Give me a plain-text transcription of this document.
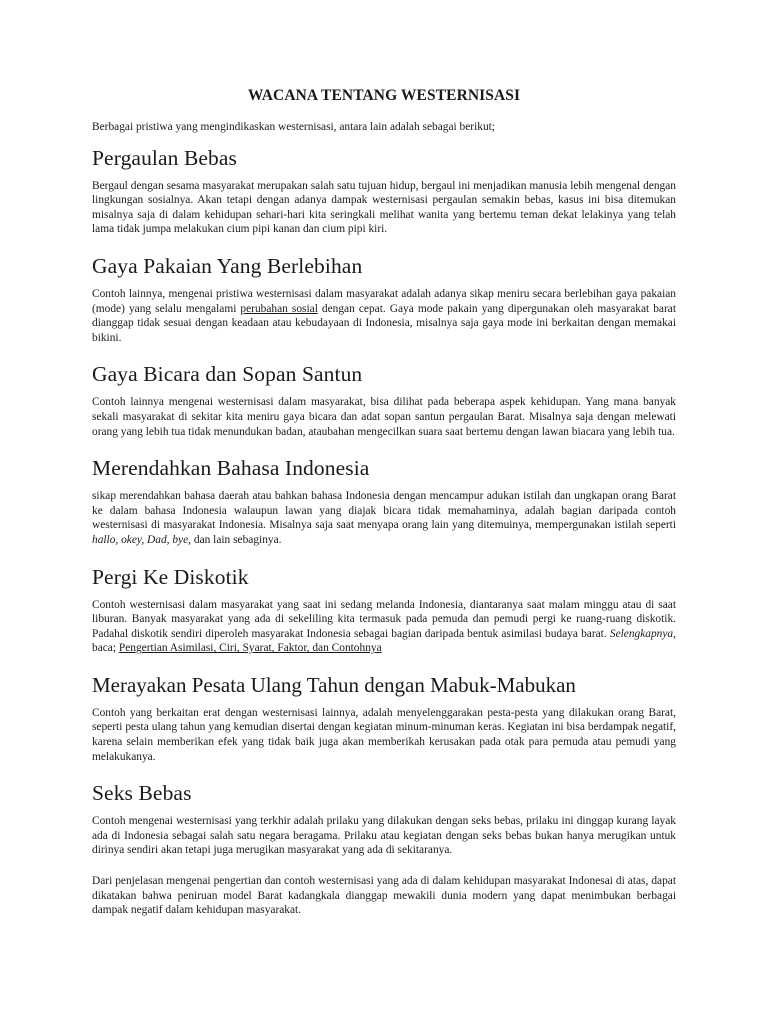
WACANA TENTANG WESTERNISASI

Berbagai pristiwa yang mengindikaskan westernisasi, antara lain adalah sebagai berikut;

Pergaulan Bebas

Bergaul dengan sesama masyarakat merupakan salah satu tujuan hidup, bergaul ini menjadikan manusia lebih mengenal dengan lingkungan sosialnya. Akan tetapi dengan adanya dampak westernisasi pergaulan semakin bebas, kasus ini bisa ditemukan misalnya saja di dalam kehidupan sehari-hari kita seringkali melihat wanita yang bertemu teman dekat lelakinya yang telah lama tidak jumpa melakukan cium pipi kanan dan cium pipi kiri.

Gaya Pakaian Yang Berlebihan

Contoh lainnya, mengenai pristiwa westernisasi dalam masyarakat adalah adanya sikap meniru secara berlebihan gaya pakaian (mode) yang selalu mengalami perubahan sosial dengan cepat. Gaya mode pakain yang dipergunakan oleh masyarakat barat dianggap tidak sesuai dengan keadaan atau kebudayaan di Indonesia, misalnya saja gaya mode ini berkaitan dengan memakai bikini.

Gaya Bicara dan Sopan Santun

Contoh lainnya mengenai westernisasi dalam masyarakat, bisa dilihat pada beberapa aspek kehidupan. Yang mana banyak sekali masyarakat di sekitar kita meniru gaya bicara dan adat sopan santun pergaulan Barat. Misalnya saja dengan melewati orang yang lebih tua tidak menundukan badan, ataubahan mengecilkan suara saat bertemu dengan lawan biacara yang lebih tua.

Merendahkan Bahasa Indonesia

sikap merendahkan bahasa daerah atau bahkan bahasa Indonesia dengan mencampur adukan istilah dan ungkapan orang Barat ke dalam bahasa Indonesia walaupun lawan yang diajak bicara tidak memahaminya, adalah bagian daripada contoh westernisasi di masyarakat Indonesia. Misalnya saja saat menyapa orang lain yang ditemuinya, mempergunakan istilah seperti hallo, okey, Dad, bye, dan lain sebaginya.

Pergi Ke Diskotik

Contoh westernisasi dalam masyarakat yang saat ini sedang melanda Indonesia, diantaranya saat malam minggu atau di saat liburan. Banyak masyarakat yang ada di sekeliling kita termasuk pada pemuda dan pemudi pergi ke ruang-ruang diskotik. Padahal diskotik sendiri diperoleh masyarakat Indonesia sebagai bagian daripada bentuk asimilasi budaya barat. Selengkapnya, baca; Pengertian Asimilasi, Ciri, Syarat, Faktor, dan Contohnya

Merayakan Pesata Ulang Tahun dengan Mabuk-Mabukan

Contoh yang berkaitan erat dengan westernisasi lainnya, adalah menyelenggarakan pesta-pesta yang dilakukan orang Barat, seperti pesta ulang tahun yang kemudian disertai dengan kegiatan minum-minuman keras. Kegiatan ini bisa berdampak negatif, karena selain memberikan efek yang tidak baik juga akan memberikah kerusakan pada otak para pemuda atau pemudi yang melakukanya.

Seks Bebas

Contoh mengenai westernisasi yang terkhir adalah prilaku yang dilakukan dengan seks bebas, prilaku ini dinggap kurang layak ada di Indonesia sebagai salah satu negara beragama. Prilaku atau kegiatan dengan seks bebas bukan hanya merugikan untuk dirinya sendiri akan tetapi juga merugikan masyarakat yang ada di sekitaranya.

Dari penjelasan mengenai pengertian dan contoh westernisasi yang ada di dalam kehidupan masyarakat Indonesai di atas, dapat dikatakan bahwa peniruan model Barat kadangkala dianggap mewakili dunia modern yang dapat menimbukan berbagai dampak negatif dalam kehidupan masyarakat.
